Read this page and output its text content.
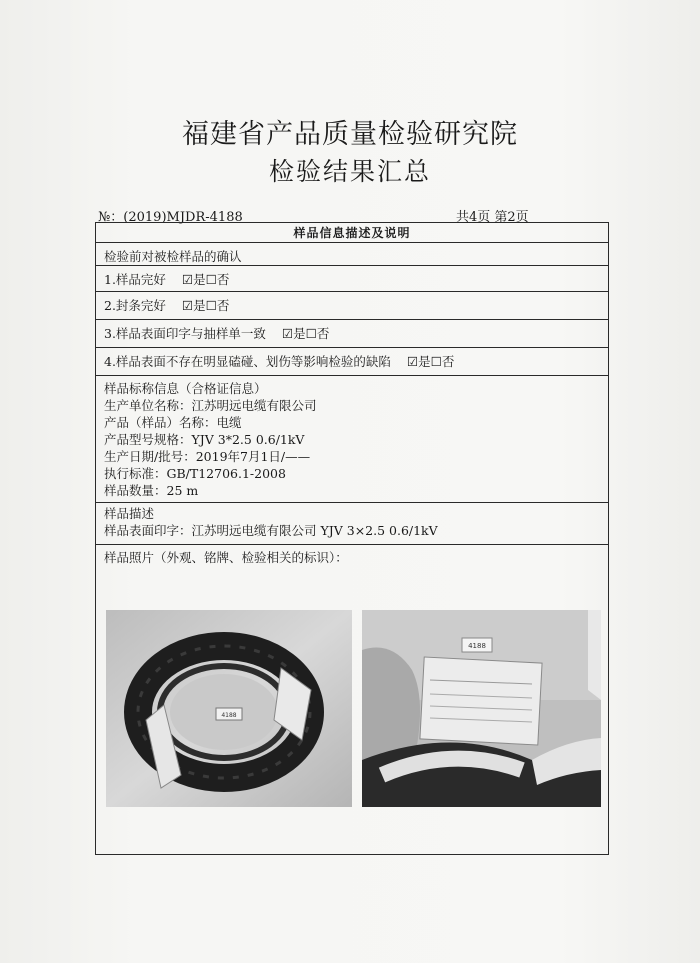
福建省产品质量检验研究院
检验结果汇总
№：(2019)MJDR-4188	共4页 第2页
样品信息描述及说明
检验前对被检样品的确认
1.样品完好 ☑是☐否
2.封条完好 ☑是☐否
3.样品表面印字与抽样单一致 ☑是☐否
4.样品表面不存在明显磕碰、划伤等影响检验的缺陷 ☑是☐否
样品标称信息（合格证信息）
生产单位名称：江苏明远电缆有限公司
产品（样品）名称：电缆
产品型号规格：YJV 3*2.5 0.6/1kV
生产日期/批号：2019年7月1日/——
执行标准：GB/T12706.1-2008
样品数量：25 m
样品描述
样品表面印字：江苏明远电缆有限公司 YJV 3×2.5 0.6/1kV
样品照片（外观、铭牌、检验相关的标识）：
4188
4188
